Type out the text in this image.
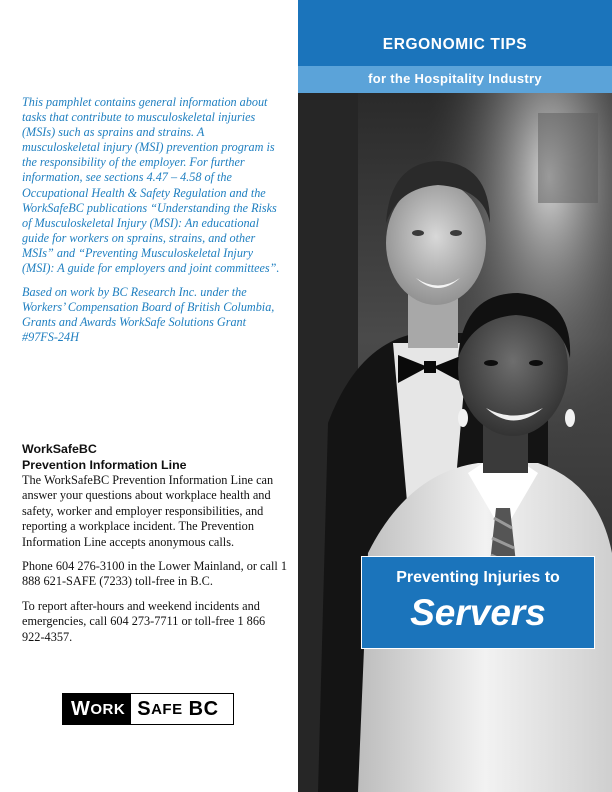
This pamphlet contains general information about tasks that contribute to musculoskeletal injuries (MSIs) such as sprains and strains. A musculoskeletal injury (MSI) prevention program is the responsibility of the employer. For further information, see sections 4.47 – 4.58 of the Occupational Health & Safety Regulation and the WorkSafeBC publications “Understanding the Risks of Musculoskeletal Injury (MSI): An educational guide for workers on sprains, strains, and other MSIs” and “Preventing Musculoskeletal Injury (MSI): A guide for employers and joint committees”.

Based on work by BC Research Inc. under the Workers’ Compensation Board of British Columbia, Grants and Awards WorkSafe Solutions Grant #97FS-24H

WorkSafeBC
Prevention Information Line

The WorkSafeBC Prevention Information Line can answer your questions about workplace health and safety, worker and employer responsibilities, and reporting a workplace incident. The Prevention Information Line accepts anonymous calls.

Phone 604 276-3100 in the Lower Mainland, or call 1 888 621-SAFE (7233) toll-free in B.C.

To report after-hours and weekend incidents and emergencies, call 604 273-7711 or toll-free 1 866 922-4357.

W ORK S AFE
BC
ERGONOMIC TIPS
for the Hospitality Industry
Preventing Injuries to
Servers
